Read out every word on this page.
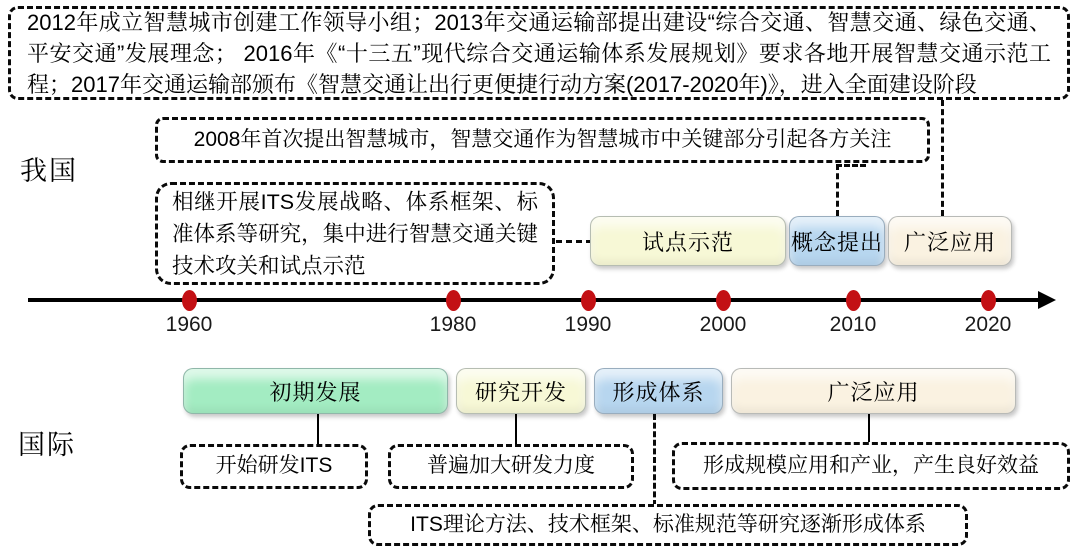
2012年成立智慧城市创建工作领导小组；2013年交通运输部提出建设“综合交通、智慧交通、绿色交通、平安交通”发展理念； 2016年《“十三五”现代综合交通运输体系发展规划》要求各地开展智慧交通示范工程；2017年交通运输部颁布《智慧交通让出行更便捷行动方案(2017-2020年)》，进入全面建设阶段
我国
2008年首次提出智慧城市，智慧交通作为智慧城市中关键部分引起各方关注
相继开展ITS发展战略、体系框架、标准体系等研究，集中进行智慧交通关键技术攻关和试点示范
试点示范	概念提出 广泛应用
1960	1980	1990	2000	2010	2020
初期发展	研究开发 形成体系	广泛应用
国际
开始研发ITS	普遍加大研发力度	形成规模应用和产业，产生良好效益
ITS理论方法、技术框架、标准规范等研究逐渐形成体系
